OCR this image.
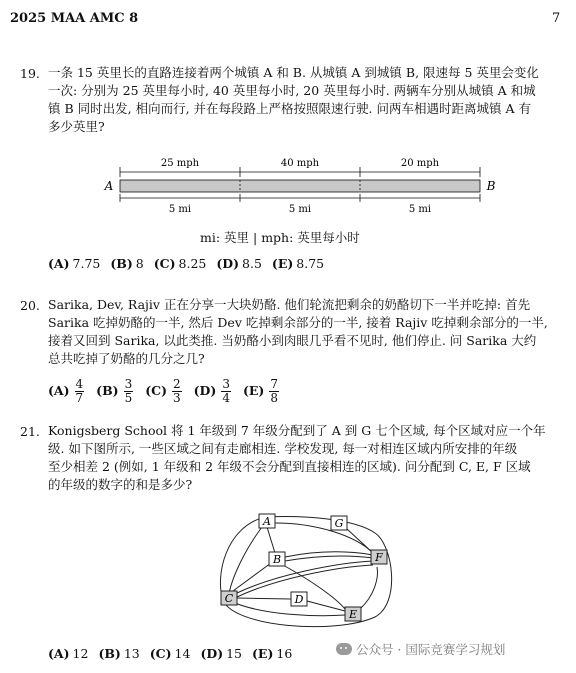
2025 MAA AMC 8	7
19. 一条 15 英里长的直路连接着两个城镇 A 和 B. 从城镇 A 到城镇 B, 限速每 5 英里会变化
一次: 分别为 25 英里每小时, 40 英里每小时, 20 英里每小时. 两辆车分别从城镇 A 和城
镇 B 同时出发, 相向而行, 并在每段路上严格按照限速行驶. 问两车相遇时距离城镇 A 有
多少英里?
25 mph	40 mph	20 mph
A	B
5 mi	5 mi	5 mi
mi: 英里 | mph: 英里每小时
(A) 7.75 (B) 8 (C) 8.25 (D) 8.5 (E) 8.75
20. Sarika, Dev, Rajiv 正在分享一大块奶酪. 他们轮流把剩余的奶酪切下一半并吃掉: 首先
Sarika 吃掉奶酪的一半, 然后 Dev 吃掉剩余部分的一半, 接着 Rajiv 吃掉剩余部分的一半,
接着又回到 Sarika, 以此类推. 当奶酪小到肉眼几乎看不见时, 他们停止. 问 Sarika 大约
总共吃掉了奶酪的几分之几?
$(A) \frac{4}{7} (B) \frac{3}{5} (C) \frac{2}{3} (D) \frac{3}{4} (E) \frac{7}{8}$
21. Konigsberg School 将 1 年级到 7 年级分配到了 A 到 G 七个区域, 每个区域对应一个年
级. 如下图所示, 一些区域之间有走廊相连. 学校发现, 每一对相连区域内所安排的年级
至少相差 2 (例如, 1 年级和 2 年级不会分配到直接相连的区域). 问分配到 C, E, F 区域
的年级的数字的和是多少?
A	G
B	F
C	D
E
公众号 · 国际竞赛学习规划
(A) 12 (B) 13 (C) 14 (D) 15 (E) 16
